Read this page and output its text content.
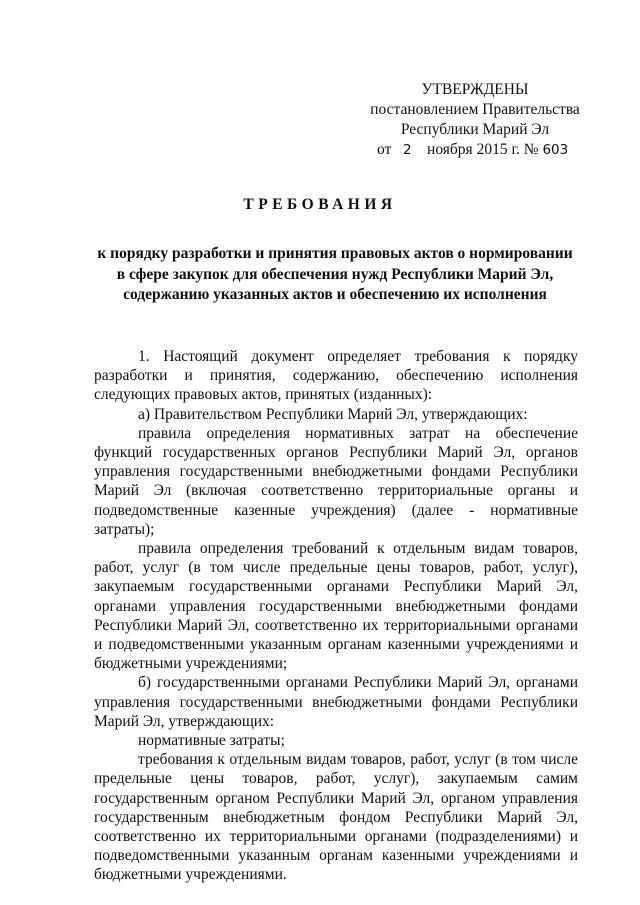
УТВЕРЖДЕНЫ
постановлением Правительства
Республики Марий Эл
от 2 ноября 2015 г. № 603
ТРЕБОВАНИЯ
к порядку разработки и принятия правовых актов о нормировании
в сфере закупок для обеспечения нужд Республики Марий Эл,
содержанию указанных актов и обеспечению их исполнения

1. Настоящий документ определяет требования к порядку разработки и принятия, содержанию, обеспечению исполнения следующих правовых актов, принятых (изданных):

а) Правительством Республики Марий Эл, утверждающих:

правила определения нормативных затрат на обеспечение функций государственных органов Республики Марий Эл, органов управления государственными внебюджетными фондами Республики Марий Эл (включая соответственно территориальные органы и подведомственные казенные учреждения) (далее - нормативные затраты);

правила определения требований к отдельным видам товаров, работ, услуг (в том числе предельные цены товаров, работ, услуг), закупаемым государственными органами Республики Марий Эл, органами управления государственными внебюджетными фондами Республики Марий Эл, соответственно их территориальными органами и подведомственными указанным органам казенными учреждениями и бюджетными учреждениями;

б) государственными органами Республики Марий Эл, органами управления государственными внебюджетными фондами Республики Марий Эл, утверждающих:

нормативные затраты;

требования к отдельным видам товаров, работ, услуг (в том числе предельные цены товаров, работ, услуг), закупаемым самим государственным органом Республики Марий Эл, органом управления государственным внебюджетным фондом Республики Марий Эл, соответственно их территориальными органами (подразделениями) и подведомственными указанным органам казенными учреждениями и бюджетными учреждениями.
